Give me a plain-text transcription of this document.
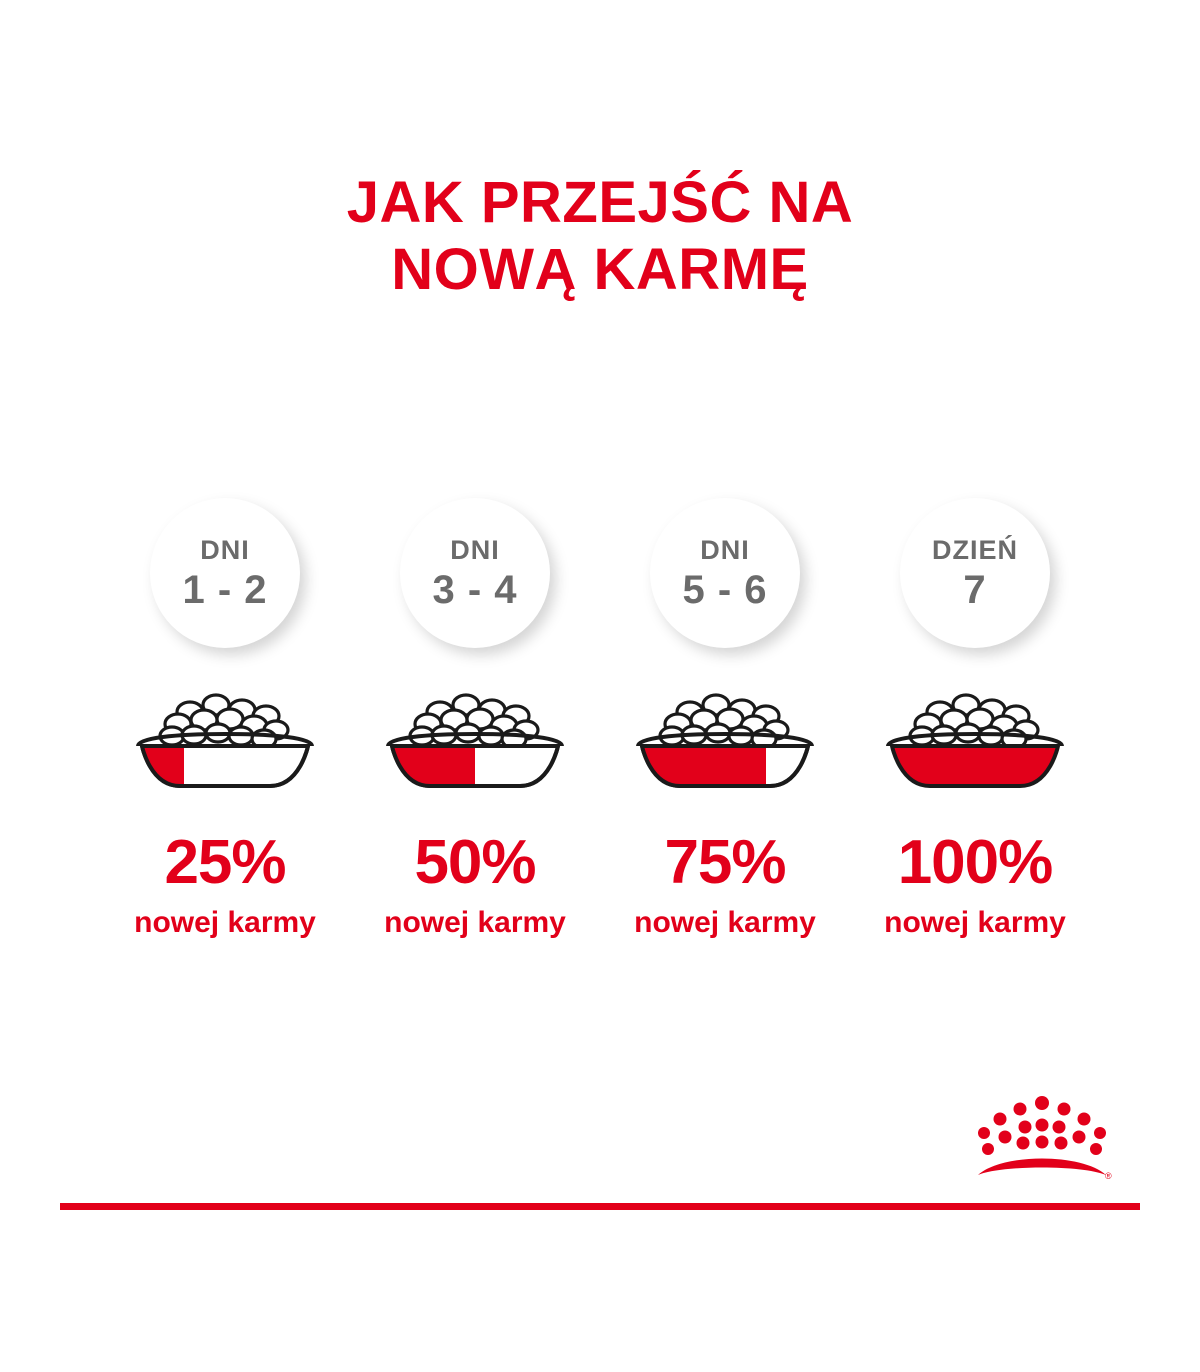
JAK PRZEJŚĆ NA
NOWĄ KARMĘ
DNI
1 - 2
25%
nowej karmy
DNI
3 - 4
50%
nowej karmy
DNI
5 - 6
75%
nowej karmy
DZIEŃ
7
100%
nowej karmy
®
